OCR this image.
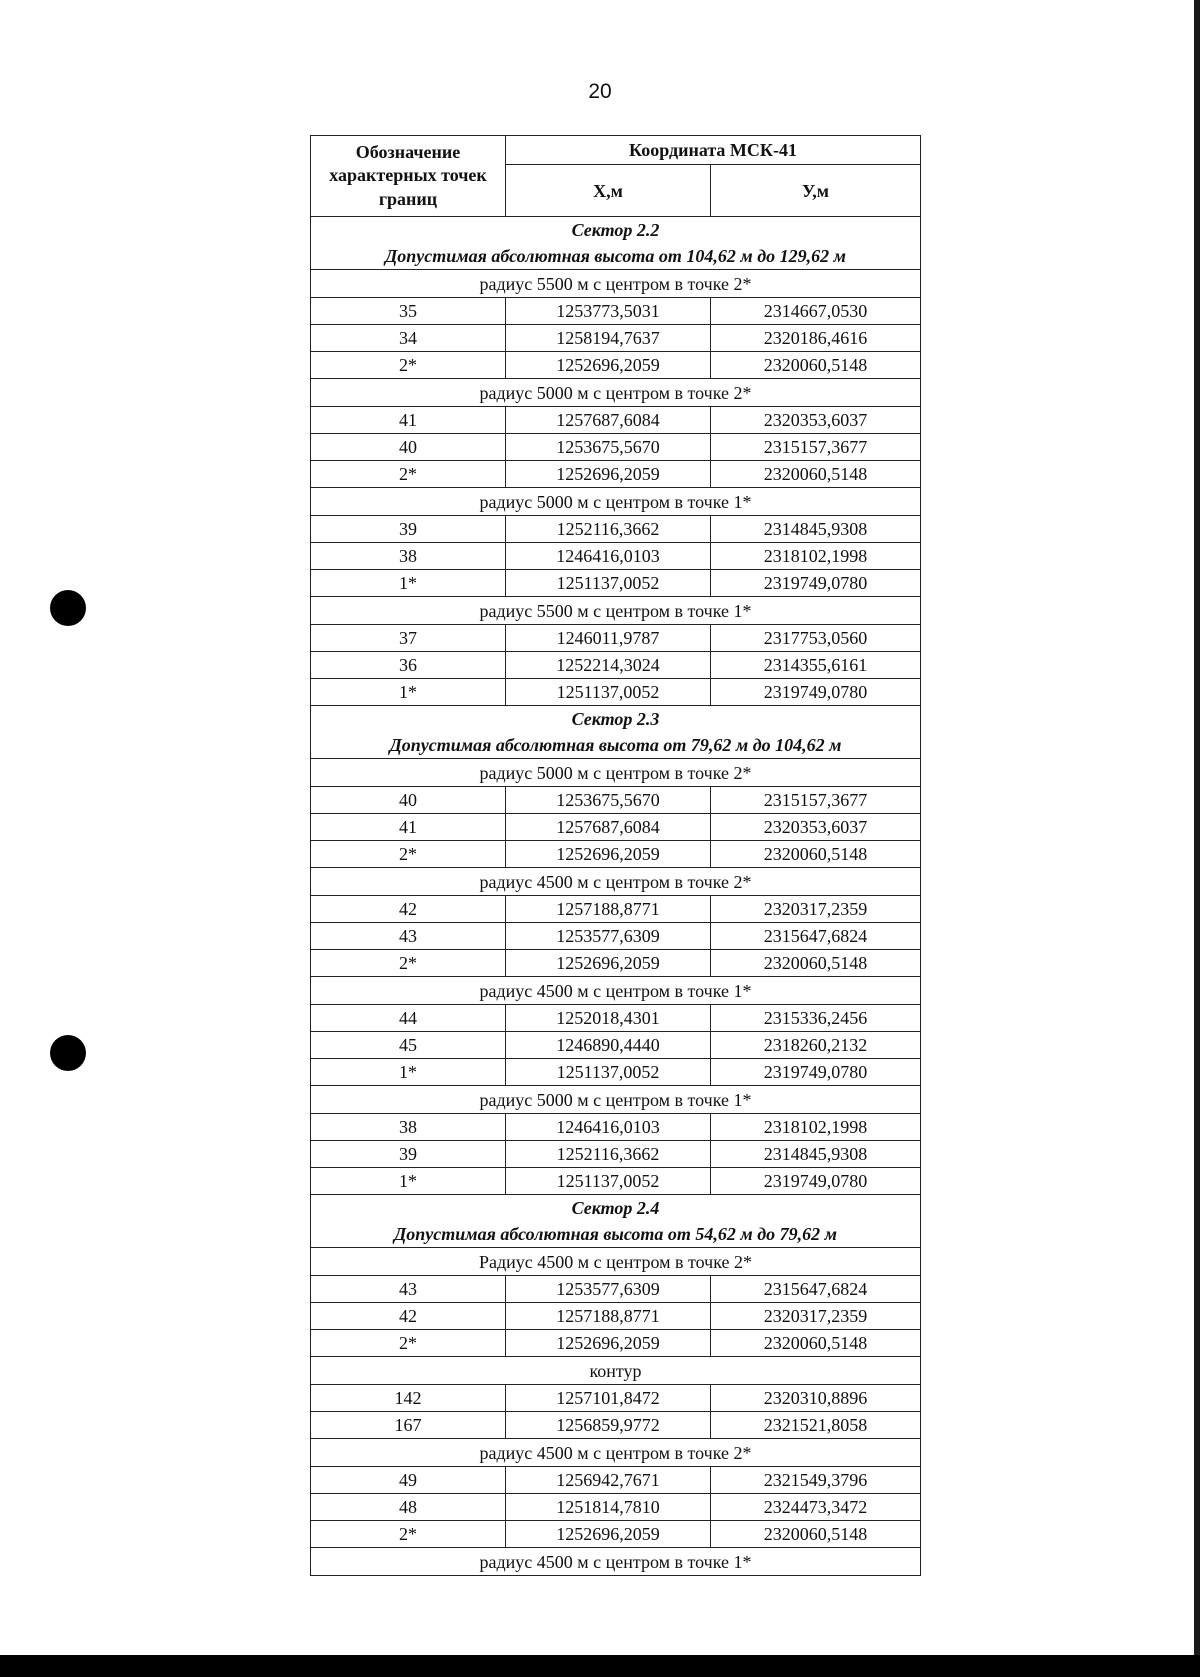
20
Обозначение характерных точек границ	Координата МСК-41	
	Х,м	У,м

Сектор 2.2
Допустимая абсолютная высота от 104,62 м до 129,62 м		

радиус 5500 м с центром в точке 2*		
35	1253773,5031	2314667,0530
34	1258194,7637	2320186,4616
2*	1252696,2059	2320060,5148
радиус 5000 м с центром в точке 2*		
41	1257687,6084	2320353,6037
40	1253675,5670	2315157,3677
2*	1252696,2059	2320060,5148
радиус 5000 м с центром в точке 1*		
39	1252116,3662	2314845,9308
38	1246416,0103	2318102,1998
1*	1251137,0052	2319749,0780
радиус 5500 м с центром в точке 1*		
37	1246011,9787	2317753,0560
36	1252214,3024	2314355,6161
1*	1251137,0052	2319749,0780

Сектор 2.3
Допустимая абсолютная высота от 79,62 м до 104,62 м		

радиус 5000 м с центром в точке 2*		
40	1253675,5670	2315157,3677
41	1257687,6084	2320353,6037
2*	1252696,2059	2320060,5148
радиус 4500 м с центром в точке 2*		
42	1257188,8771	2320317,2359
43	1253577,6309	2315647,6824
2*	1252696,2059	2320060,5148
радиус 4500 м с центром в точке 1*		
44	1252018,4301	2315336,2456
45	1246890,4440	2318260,2132
1*	1251137,0052	2319749,0780
радиус 5000 м с центром в точке 1*		
38	1246416,0103	2318102,1998
39	1252116,3662	2314845,9308
1*	1251137,0052	2319749,0780

Сектор 2.4
Допустимая абсолютная высота от 54,62 м до 79,62 м		

Радиус 4500 м с центром в точке 2*		
43	1253577,6309	2315647,6824
42	1257188,8771	2320317,2359
2*	1252696,2059	2320060,5148
контур		
142	1257101,8472	2320310,8896
167	1256859,9772	2321521,8058
радиус 4500 м с центром в точке 2*		
49	1256942,7671	2321549,3796
48	1251814,7810	2324473,3472
2*	1252696,2059	2320060,5148
радиус 4500 м с центром в точке 1*		
